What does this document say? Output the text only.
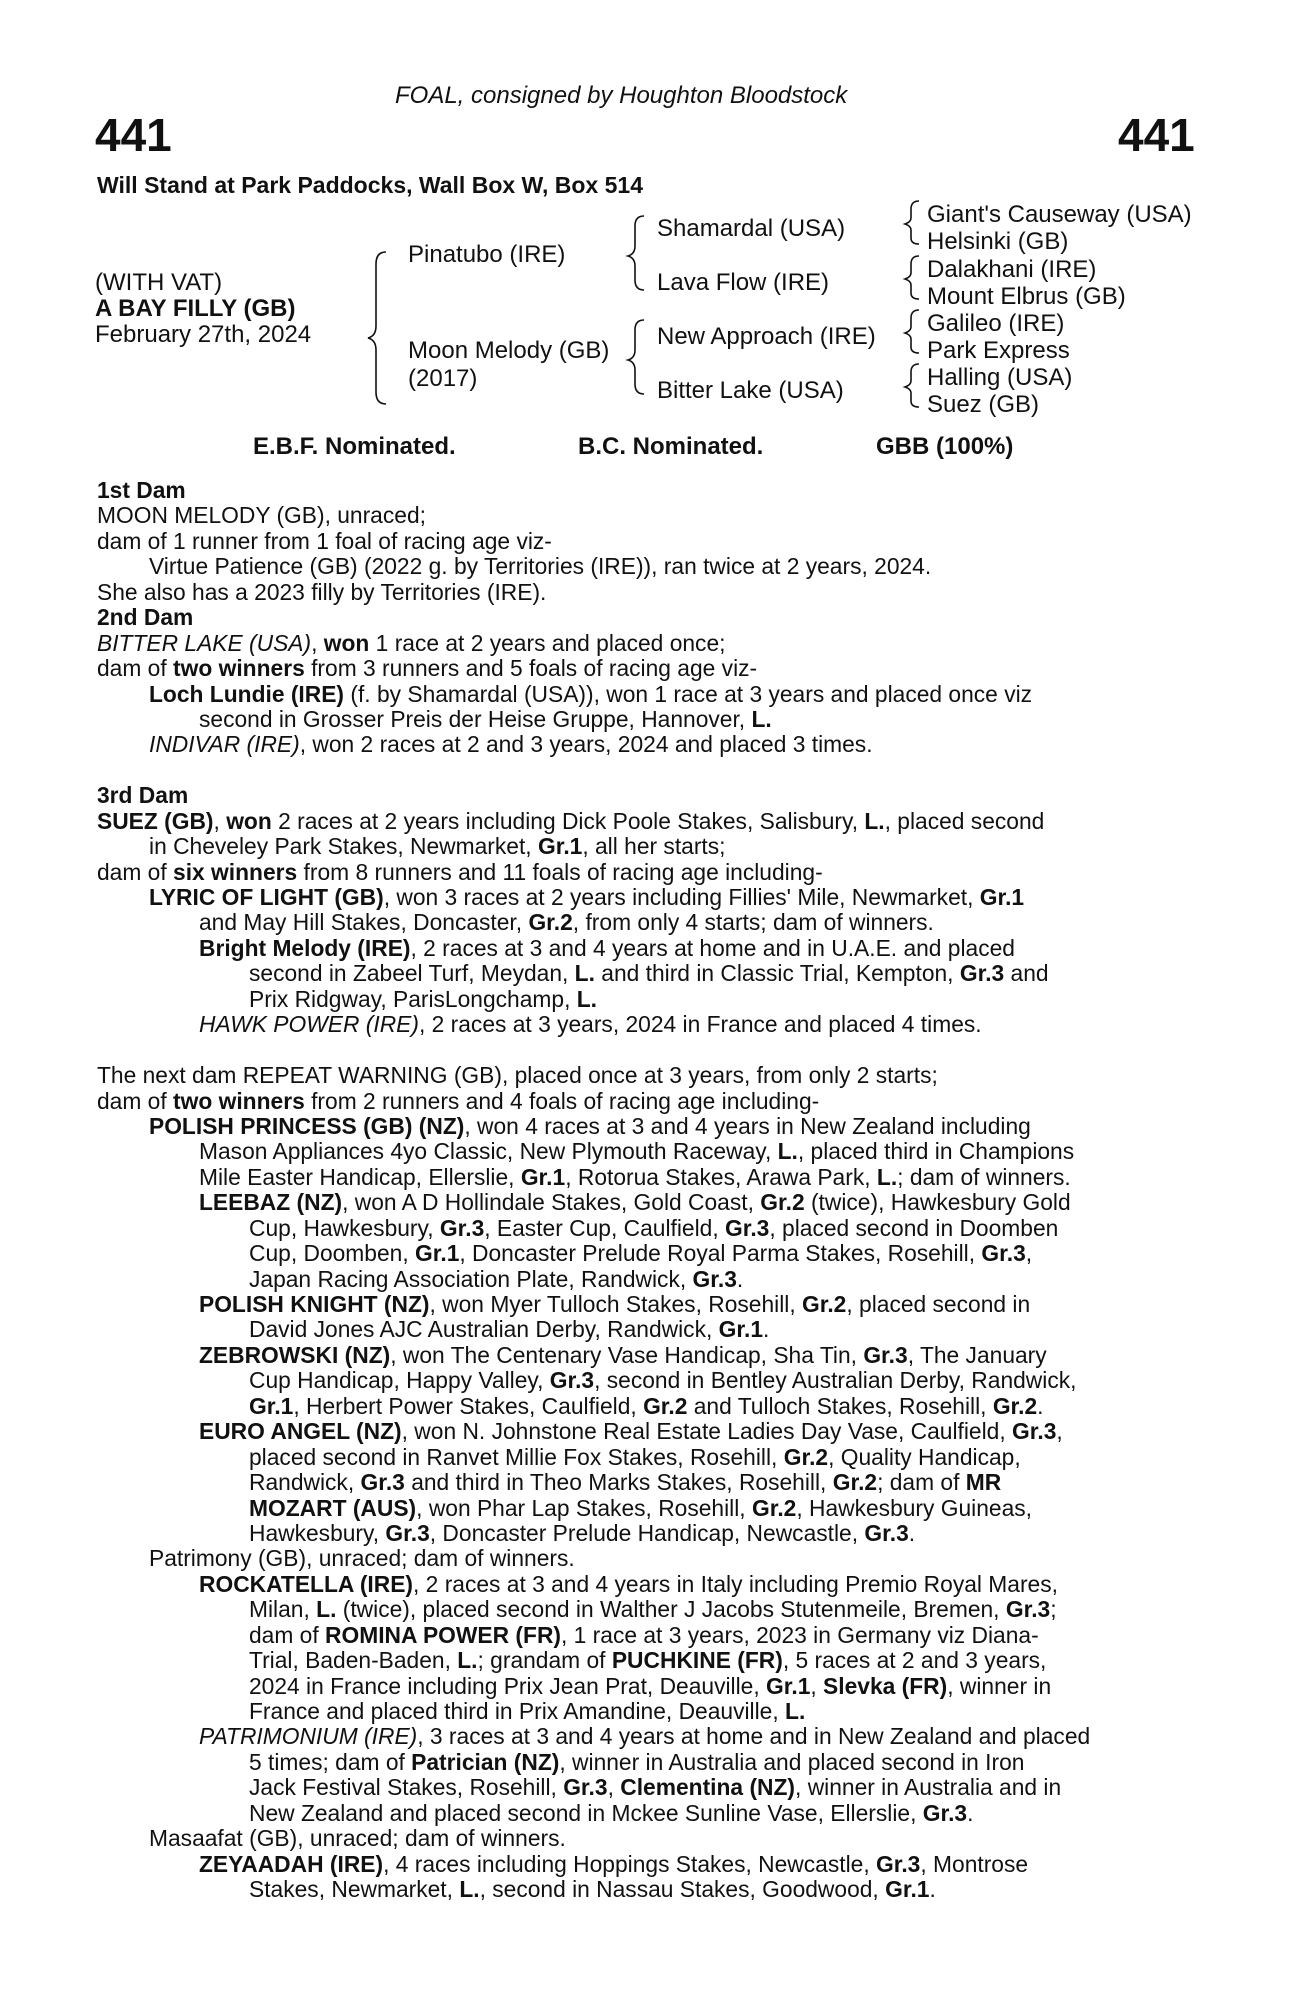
FOAL, consigned by Houghton Bloodstock
441	441
Will Stand at Park Paddocks, Wall Box W, Box 514
(WITH VAT)
A BAY FILLY (GB)
February 27th, 2024
Pinatubo (IRE)
Moon Melody (GB)
(2017)
Shamardal (USA)
Lava Flow (IRE)
New Approach (IRE)
Bitter Lake (USA)
Giant's Causeway (USA)
Helsinki (GB)
Dalakhani (IRE)
Mount Elbrus (GB)
Galileo (IRE)
Park Express
Halling (USA)
Suez (GB)
E.B.F. Nominated.	B.C. Nominated.	GBB (100%)
1st Dam
MOON MELODY (GB), unraced;
dam of 1 runner from 1 foal of racing age viz-
Virtue Patience (GB) (2022 g. by Territories (IRE)), ran twice at 2 years, 2024.
She also has a 2023 filly by Territories (IRE).
2nd Dam
BITTER LAKE (USA), won 1 race at 2 years and placed once;
dam of two winners from 3 runners and 5 foals of racing age viz-
Loch Lundie (IRE) (f. by Shamardal (USA)), won 1 race at 3 years and placed once viz
second in Grosser Preis der Heise Gruppe, Hannover, L.
INDIVAR (IRE), won 2 races at 2 and 3 years, 2024 and placed 3 times.
3rd Dam
SUEZ (GB), won 2 races at 2 years including Dick Poole Stakes, Salisbury, L., placed second
in Cheveley Park Stakes, Newmarket, Gr.1, all her starts;
dam of six winners from 8 runners and 11 foals of racing age including-
LYRIC OF LIGHT (GB), won 3 races at 2 years including Fillies' Mile, Newmarket, Gr.1
and May Hill Stakes, Doncaster, Gr.2, from only 4 starts; dam of winners.
Bright Melody (IRE), 2 races at 3 and 4 years at home and in U.A.E. and placed
second in Zabeel Turf, Meydan, L. and third in Classic Trial, Kempton, Gr.3 and
Prix Ridgway, ParisLongchamp, L.
HAWK POWER (IRE), 2 races at 3 years, 2024 in France and placed 4 times.
The next dam REPEAT WARNING (GB), placed once at 3 years, from only 2 starts;
dam of two winners from 2 runners and 4 foals of racing age including-
POLISH PRINCESS (GB) (NZ), won 4 races at 3 and 4 years in New Zealand including
Mason Appliances 4yo Classic, New Plymouth Raceway, L., placed third in Champions
Mile Easter Handicap, Ellerslie, Gr.1, Rotorua Stakes, Arawa Park, L.; dam of winners.
LEEBAZ (NZ), won A D Hollindale Stakes, Gold Coast, Gr.2 (twice), Hawkesbury Gold
Cup, Hawkesbury, Gr.3, Easter Cup, Caulfield, Gr.3, placed second in Doomben
Cup, Doomben, Gr.1, Doncaster Prelude Royal Parma Stakes, Rosehill, Gr.3,
Japan Racing Association Plate, Randwick, Gr.3.
POLISH KNIGHT (NZ), won Myer Tulloch Stakes, Rosehill, Gr.2, placed second in
David Jones AJC Australian Derby, Randwick, Gr.1.
ZEBROWSKI (NZ), won The Centenary Vase Handicap, Sha Tin, Gr.3, The January
Cup Handicap, Happy Valley, Gr.3, second in Bentley Australian Derby, Randwick,
Gr.1, Herbert Power Stakes, Caulfield, Gr.2 and Tulloch Stakes, Rosehill, Gr.2.
EURO ANGEL (NZ), won N. Johnstone Real Estate Ladies Day Vase, Caulfield, Gr.3,
placed second in Ranvet Millie Fox Stakes, Rosehill, Gr.2, Quality Handicap,
Randwick, Gr.3 and third in Theo Marks Stakes, Rosehill, Gr.2; dam of MR
MOZART (AUS), won Phar Lap Stakes, Rosehill, Gr.2, Hawkesbury Guineas,
Hawkesbury, Gr.3, Doncaster Prelude Handicap, Newcastle, Gr.3.
Patrimony (GB), unraced; dam of winners.
ROCKATELLA (IRE), 2 races at 3 and 4 years in Italy including Premio Royal Mares,
Milan, L. (twice), placed second in Walther J Jacobs Stutenmeile, Bremen, Gr.3;
dam of ROMINA POWER (FR), 1 race at 3 years, 2023 in Germany viz Diana-
Trial, Baden-Baden, L.; grandam of PUCHKINE (FR), 5 races at 2 and 3 years,
2024 in France including Prix Jean Prat, Deauville, Gr.1, Slevka (FR), winner in
France and placed third in Prix Amandine, Deauville, L.
PATRIMONIUM (IRE), 3 races at 3 and 4 years at home and in New Zealand and placed
5 times; dam of Patrician (NZ), winner in Australia and placed second in Iron
Jack Festival Stakes, Rosehill, Gr.3, Clementina (NZ), winner in Australia and in
New Zealand and placed second in Mckee Sunline Vase, Ellerslie, Gr.3.
Masaafat (GB), unraced; dam of winners.
ZEYAADAH (IRE), 4 races including Hoppings Stakes, Newcastle, Gr.3, Montrose
Stakes, Newmarket, L., second in Nassau Stakes, Goodwood, Gr.1.
